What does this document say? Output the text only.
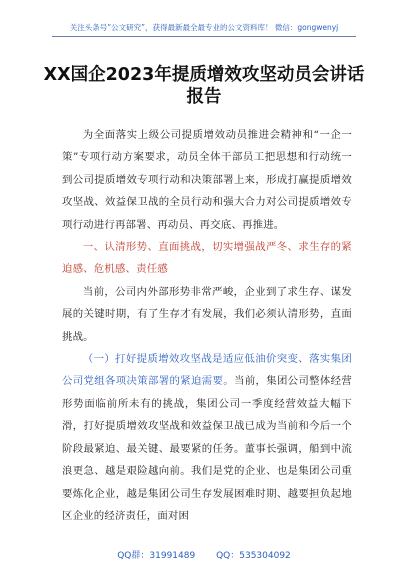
关注头条号“公文研究”，获得最新最全最专业的公文资料库！ 微信：gongwenyj
XX国企2023年提质增效攻坚动员会讲话报告

为全面落实上级公司提质增效动员推进会精神和“一企一策”专项行动方案要求，动员全体干部员工把思想和行动统一到公司提质增效专项行动和决策部署上来，形成打赢提质增效攻坚战、效益保卫战的全员行动和强大合力对公司提质增效专项行动进行再部署、再动员、再交底、再推进。

一、认清形势、直面挑战，切实增强战严冬、求生存的紧迫感、危机感、责任感

当前，公司内外部形势非常严峻，企业到了求生存、谋发展的关键时期，有了生存才有发展，我们必须认清形势，直面挑战。

（一）打好提质增效攻坚战是适应低油价突变、落实集团公司党组各项决策部署的紧迫需要。当前，集团公司整体经营形势面临前所未有的挑战，集团公司一季度经营效益大幅下滑，打好提质增效攻坚战和效益保卫战已成为当前和今后一个阶段最紧迫、最关键、最要紧的任务。董事长强调，船到中流浪更急、越是艰险越向前。我们是党的企业、也是集团公司重要炼化企业，越是集团公司生存发展困难时期、越要担负起地区企业的经济责任，面对困

QQ群：31991489 QQ：535304092
